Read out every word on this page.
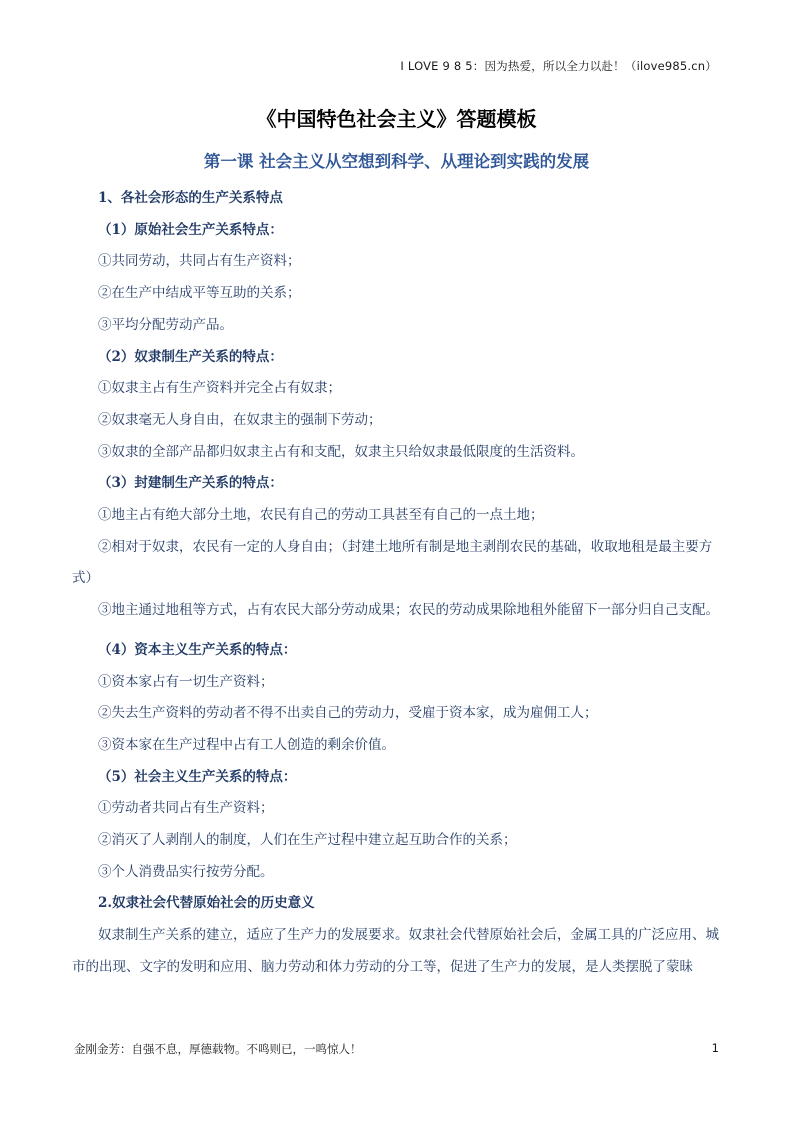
I LOVE 9 8 5：因为热爱，所以全力以赴！（ilove985.cn）
《中国特色社会主义》答题模板
第一课 社会主义从空想到科学、从理论到实践的发展
1、各社会形态的生产关系特点
（1）原始社会生产关系特点：
①共同劳动，共同占有生产资料；
②在生产中结成平等互助的关系；
③平均分配劳动产品。
（2）奴隶制生产关系的特点：
①奴隶主占有生产资料并完全占有奴隶；
②奴隶毫无人身自由，在奴隶主的强制下劳动；
③奴隶的全部产品都归奴隶主占有和支配，奴隶主只给奴隶最低限度的生活资料。
（3）封建制生产关系的特点：
①地主占有绝大部分土地，农民有自己的劳动工具甚至有自己的一点土地；
②相对于奴隶，农民有一定的人身自由；（封建土地所有制是地主剥削农民的基础，收取地租是最主要方式）
③地主通过地租等方式，占有农民大部分劳动成果；农民的劳动成果除地租外能留下一部分归自己支配。
（4）资本主义生产关系的特点：
①资本家占有一切生产资料；
②失去生产资料的劳动者不得不出卖自己的劳动力，受雇于资本家，成为雇佣工人；
③资本家在生产过程中占有工人创造的剩余价值。
（5）社会主义生产关系的特点：
①劳动者共同占有生产资料；
②消灭了人剥削人的制度，人们在生产过程中建立起互助合作的关系；
③个人消费品实行按劳分配。
2.奴隶社会代替原始社会的历史意义
奴隶制生产关系的建立，适应了生产力的发展要求。奴隶社会代替原始社会后，金属工具的广泛应用、城市的出现、文字的发明和应用、脑力劳动和体力劳动的分工等，促进了生产力的发展，是人类摆脱了蒙昧
金刚金芳：自强不息，厚德载物。不鸣则已，一鸣惊人！	1
